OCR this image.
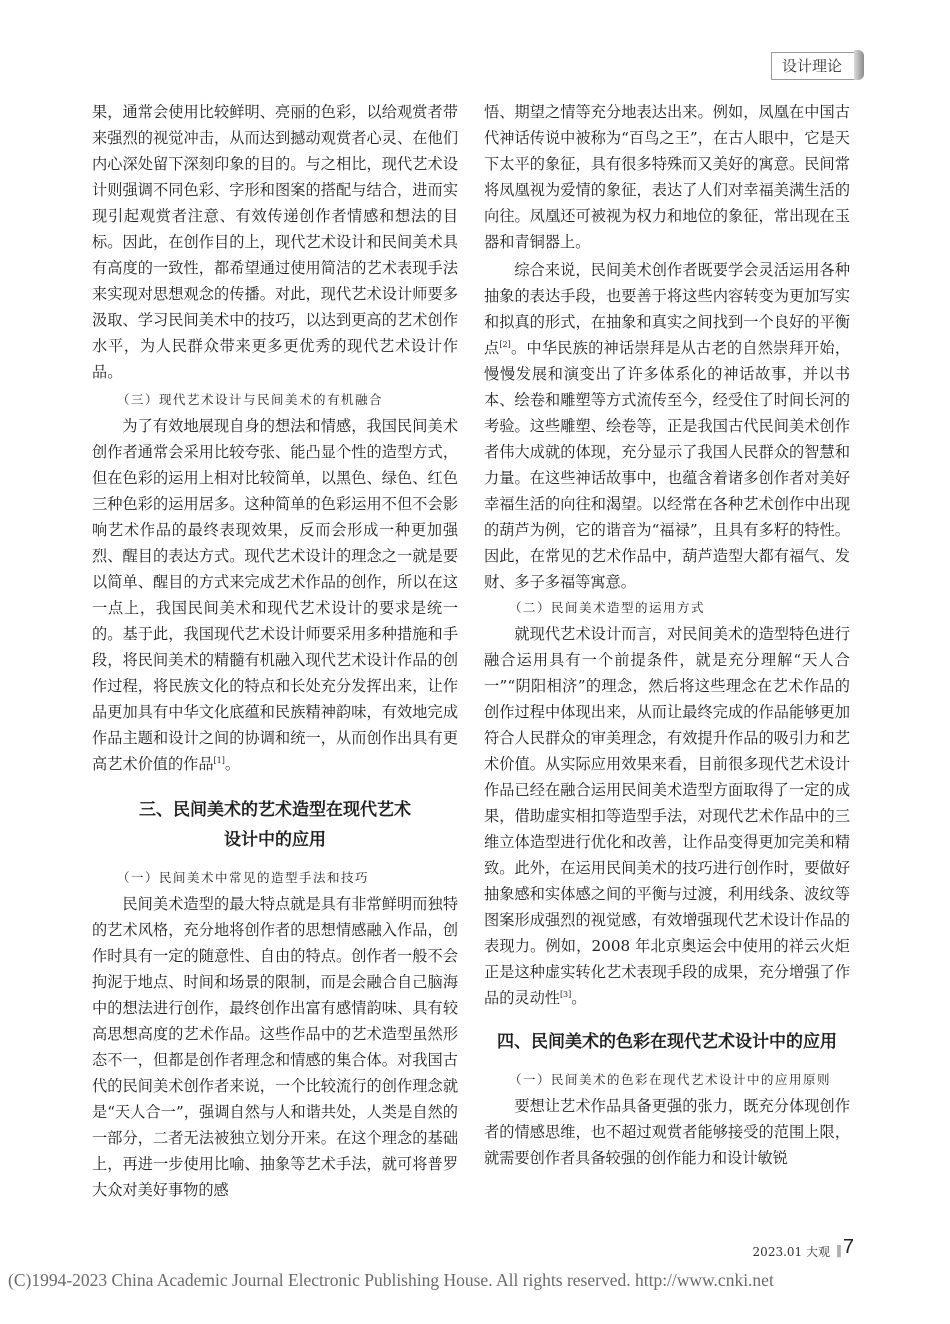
设计理论

果，通常会使用比较鲜明、亮丽的色彩，以给观赏者带来强烈的视觉冲击，从而达到撼动观赏者心灵、在他们内心深处留下深刻印象的目的。与之相比，现代艺术设计则强调不同色彩、字形和图案的搭配与结合，进而实现引起观赏者注意、有效传递创作者情感和想法的目标。因此，在创作目的上，现代艺术设计和民间美术具有高度的一致性，都希望通过使用简洁的艺术表现手法来实现对思想观念的传播。对此，现代艺术设计师要多汲取、学习民间美术中的技巧，以达到更高的艺术创作水平，为人民群众带来更多更优秀的现代艺术设计作品。

（三）现代艺术设计与民间美术的有机融合

为了有效地展现自身的想法和情感，我国民间美术创作者通常会采用比较夸张、能凸显个性的造型方式，但在色彩的运用上相对比较简单，以黑色、绿色、红色三种色彩的运用居多。这种简单的色彩运用不但不会影响艺术作品的最终表现效果，反而会形成一种更加强烈、醒目的表达方式。现代艺术设计的理念之一就是要以简单、醒目的方式来完成艺术作品的创作，所以在这一点上，我国民间美术和现代艺术设计的要求是统一的。基于此，我国现代艺术设计师要采用多种措施和手段，将民间美术的精髓有机融入现代艺术设计作品的创作过程，将民族文化的特点和长处充分发挥出来，让作品更加具有中华文化底蕴和民族精神韵味，有效地完成作品主题和设计之间的协调和统一，从而创作出具有更高艺术价值的作品[1]。

三、民间美术的艺术造型在现代艺术
设计中的应用

（一）民间美术中常见的造型手法和技巧

民间美术造型的最大特点就是具有非常鲜明而独特的艺术风格，充分地将创作者的思想情感融入作品，创作时具有一定的随意性、自由的特点。创作者一般不会拘泥于地点、时间和场景的限制，而是会融合自己脑海中的想法进行创作，最终创作出富有感情韵味、具有较高思想高度的艺术作品。这些作品中的艺术造型虽然形态不一，但都是创作者理念和情感的集合体。对我国古代的民间美术创作者来说，一个比较流行的创作理念就是“天人合一”，强调自然与人和谐共处，人类是自然的一部分，二者无法被独立划分开来。在这个理念的基础上，再进一步使用比喻、抽象等艺术手法，就可将普罗大众对美好事物的感

悟、期望之情等充分地表达出来。例如，凤凰在中国古代神话传说中被称为“百鸟之王”，在古人眼中，它是天下太平的象征，具有很多特殊而又美好的寓意。民间常将凤凰视为爱情的象征，表达了人们对幸福美满生活的向往。凤凰还可被视为权力和地位的象征，常出现在玉器和青铜器上。

综合来说，民间美术创作者既要学会灵活运用各种抽象的表达手段，也要善于将这些内容转变为更加写实和拟真的形式，在抽象和真实之间找到一个良好的平衡点[2]。中华民族的神话崇拜是从古老的自然崇拜开始，慢慢发展和演变出了许多体系化的神话故事，并以书本、绘卷和雕塑等方式流传至今，经受住了时间长河的考验。这些雕塑、绘卷等，正是我国古代民间美术创作者伟大成就的体现，充分显示了我国人民群众的智慧和力量。在这些神话故事中，也蕴含着诸多创作者对美好幸福生活的向往和渴望。以经常在各种艺术创作中出现的葫芦为例，它的谐音为“福禄”，且具有多籽的特性。因此，在常见的艺术作品中，葫芦造型大都有福气、发财、多子多福等寓意。

（二）民间美术造型的运用方式

就现代艺术设计而言，对民间美术的造型特色进行融合运用具有一个前提条件，就是充分理解“天人合一”“阴阳相济”的理念，然后将这些理念在艺术作品的创作过程中体现出来，从而让最终完成的作品能够更加符合人民群众的审美理念，有效提升作品的吸引力和艺术价值。从实际应用效果来看，目前很多现代艺术设计作品已经在融合运用民间美术造型方面取得了一定的成果，借助虚实相扣等造型手法，对现代艺术作品中的三维立体造型进行优化和改善，让作品变得更加完美和精致。此外，在运用民间美术的技巧进行创作时，要做好抽象感和实体感之间的平衡与过渡，利用线条、波纹等图案形成强烈的视觉感，有效增强现代艺术设计作品的表现力。例如，2008 年北京奥运会中使用的祥云火炬正是这种虚实转化艺术表现手段的成果，充分增强了作品的灵动性[3]。

四、民间美术的色彩在现代艺术设计中的应用

（一）民间美术的色彩在现代艺术设计中的应用原则

要想让艺术作品具备更强的张力，既充分体现创作者的情感思维，也不超过观赏者能够接受的范围上限，就需要创作者具备较强的创作能力和设计敏锐

2023.01 大观 ‖ 7
(C)1994-2023 China Academic Journal Electronic Publishing House. All rights reserved. http://www.cnki.net
